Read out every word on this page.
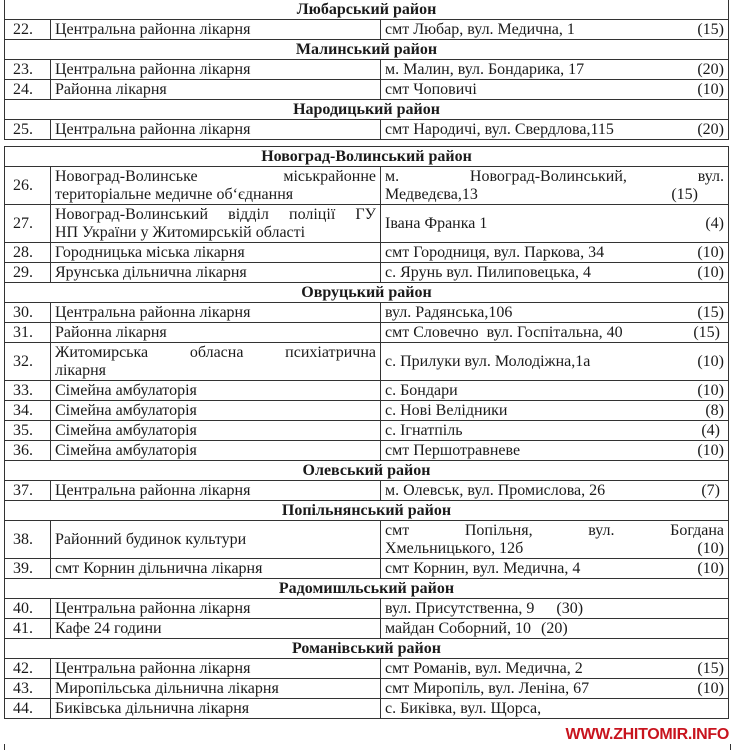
Любарський район		
22.	Центральна районна лікарня	смт Любар, вул. Медична, 1 (15)

Малинський район		
23.	Центральна районна лікарня	м. Малин, вул. Бондарика, 17 (20)

24.	Районна лікарня	смт Чоповичі (10)

Народицький район		
25.	Центральна районна лікарня	смт Народичі, вул. Свердлова,115 (20)
Новоград-Волинський район		
26.	Новоград-Волинське міськрайонне
територіальне медичне об‘єднання	м. Новоград-Волинський, вул.
Медведєва,13 (15)

27.	Новоград-Волинський відділ поліції ГУ
НП України у Житомирській області	Івана Франка 1 (4)

28.	Городницька міська лікарня	смт Городниця, вул. Паркова, 34 (10)

29.	Ярунська дільнична лікарня	с. Ярунь вул. Пилиповецька, 4 (10)

Овруцький район		
30.	Центральна районна лікарня	вул. Радянська,106 (15)

31.	Районна лікарня	смт Словечно  вул. Госпітальна, 40 (15)

32.	Житомирська обласна психіатрична
лікарня	с. Прилуки вул. Молодіжна,1а (10)

33.	Сімейна амбулаторія	с. Бондари (10)

34.	Сімейна амбулаторія	с. Нові Велідники (8)

35.	Сімейна амбулаторія	с. Ігнатпіль (4)

36.	Сімейна амбулаторія	смт Першотравневе (10)

Олевський район		
37.	Центральна районна лікарня	м. Олевськ, вул. Промислова, 26 (7)

Попільнянський район		
38.	Районний будинок культури	смт Попільня, вул. Богдана
Хмельницького, 12б (10)

39.	смт Корнин дільнична лікарня	смт Корнин, вул. Медична, 4 (10)

Радомишльський район		
40.	Центральна районна лікарня	вул. Присутственна, 9 (30)
41.	Кафе 24 години	майдан Соборний, 10 (20)
Романівський район		
42.	Центральна районна лікарня	смт Романів, вул. Медична, 2 (15)

43.	Миропільська дільнична лікарня	смт Миропіль, вул. Леніна, 67 (10)

44.	Биківська дільнична лікарня	с. Биківка, вул. Щорса,
WWW.ZHITOMIR.INFO
